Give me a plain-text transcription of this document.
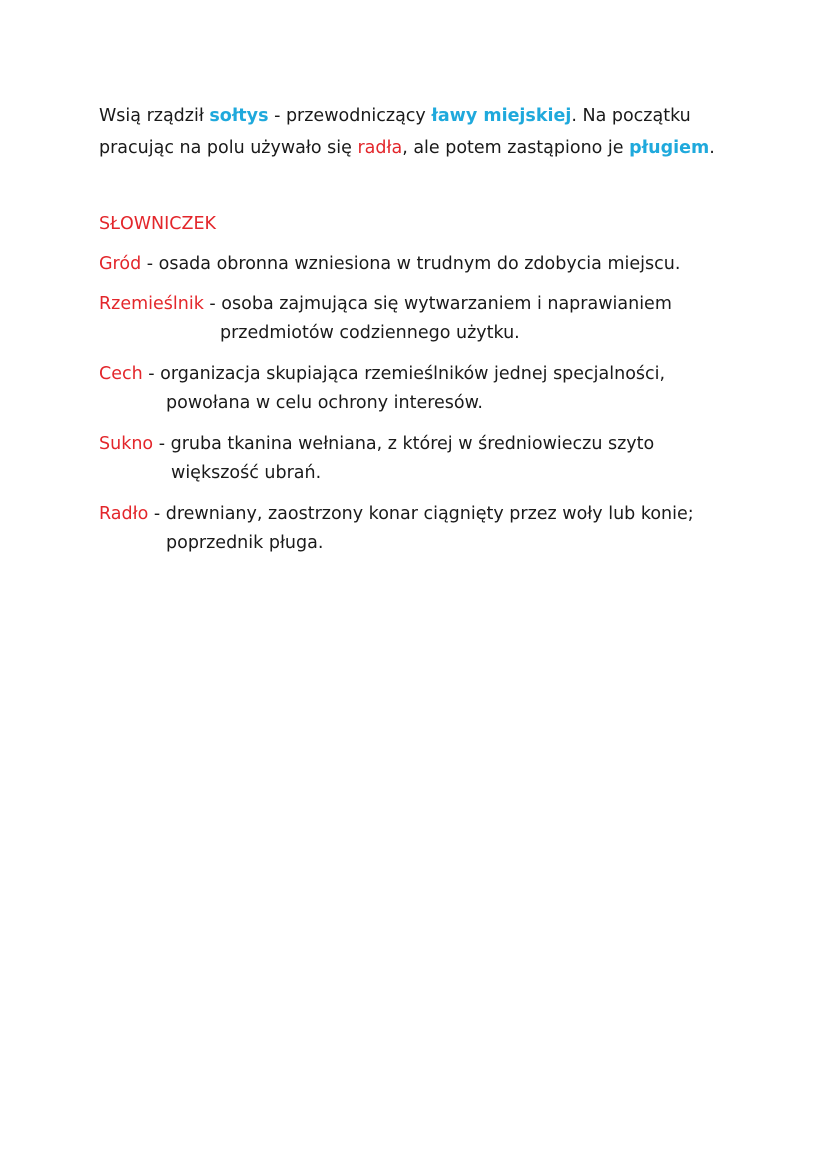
Wsią rządził sołtys - przewodniczący ławy miejskiej. Na początku pracując na polu używało się radła, ale potem zastąpiono je pługiem.

SŁOWNICZEK

Gród - osada obronna wzniesiona w trudnym do zdobycia miejscu.

Rzemieślnik - osoba zajmująca się wytwarzaniem i naprawianiem
przedmiotów codziennego użytku.

Cech - organizacja skupiająca rzemieślników jednej specjalności,
powołana w celu ochrony interesów.

Sukno - gruba tkanina wełniana, z której w średniowieczu szyto
większość ubrań.

Radło - drewniany, zaostrzony konar ciągnięty przez woły lub konie;
poprzednik pługa.
